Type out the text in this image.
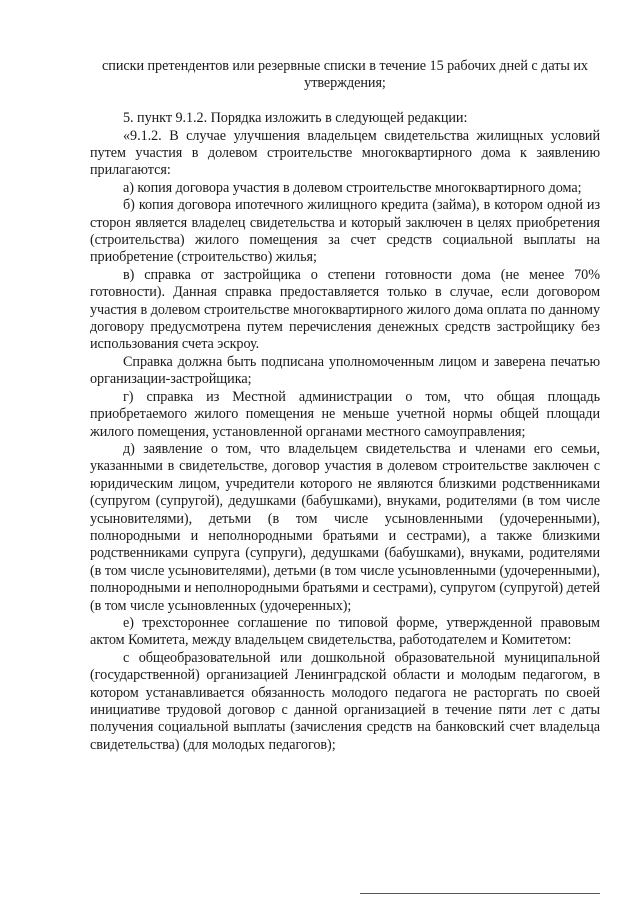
списки претендентов или резервные списки в течение 15 рабочих дней с даты их утверждения;

5. пункт 9.1.2. Порядка изложить в следующей редакции:

«9.1.2. В случае улучшения владельцем свидетельства жилищных условий путем участия в долевом строительстве многоквартирного дома к заявлению прилагаются:

а) копия договора участия в долевом строительстве многоквартирного дома;

б) копия договора ипотечного жилищного кредита (займа), в котором одной из сторон является владелец свидетельства и который заключен в целях приобретения (строительства) жилого помещения за счет средств социальной выплаты на приобретение (строительство) жилья;

в) справка от застройщика о степени готовности дома (не менее 70% готовности). Данная справка предоставляется только в случае, если договором участия в долевом строительстве многоквартирного жилого дома оплата по данному договору предусмотрена путем перечисления денежных средств застройщику без использования счета эскроу.

Справка должна быть подписана уполномоченным лицом и заверена печатью организации-застройщика;

г) справка из Местной администрации о том, что общая площадь приобретаемого жилого помещения не меньше учетной нормы общей площади жилого помещения, установленной органами местного самоуправления;

д) заявление о том, что владельцем свидетельства и членами его семьи, указанными в свидетельстве, договор участия в долевом строительстве заключен с юридическим лицом, учредители которого не являются близкими родственниками (супругом (супругой), дедушками (бабушками), внуками, родителями (в том числе усыновителями), детьми (в том числе усыновленными (удочеренными), полнородными и неполнородными братьями и сестрами), а также близкими родственниками супруга (супруги), дедушками (бабушками), внуками, родителями (в том числе усыновителями), детьми (в том числе усыновленными (удочеренными), полнородными и неполнородными братьями и сестрами), супругом (супругой) детей (в том числе усыновленных (удочеренных);

е) трехстороннее соглашение по типовой форме, утвержденной правовым актом Комитета, между владельцем свидетельства, работодателем и Комитетом:

с общеобразовательной или дошкольной образовательной муниципальной (государственной) организацией Ленинградской области и молодым педагогом, в котором устанавливается обязанность молодого педагога не расторгать по своей инициативе трудовой договор с данной организацией в течение пяти лет с даты получения социальной выплаты (зачисления средств на банковский счет владельца свидетельства) (для молодых педагогов);
